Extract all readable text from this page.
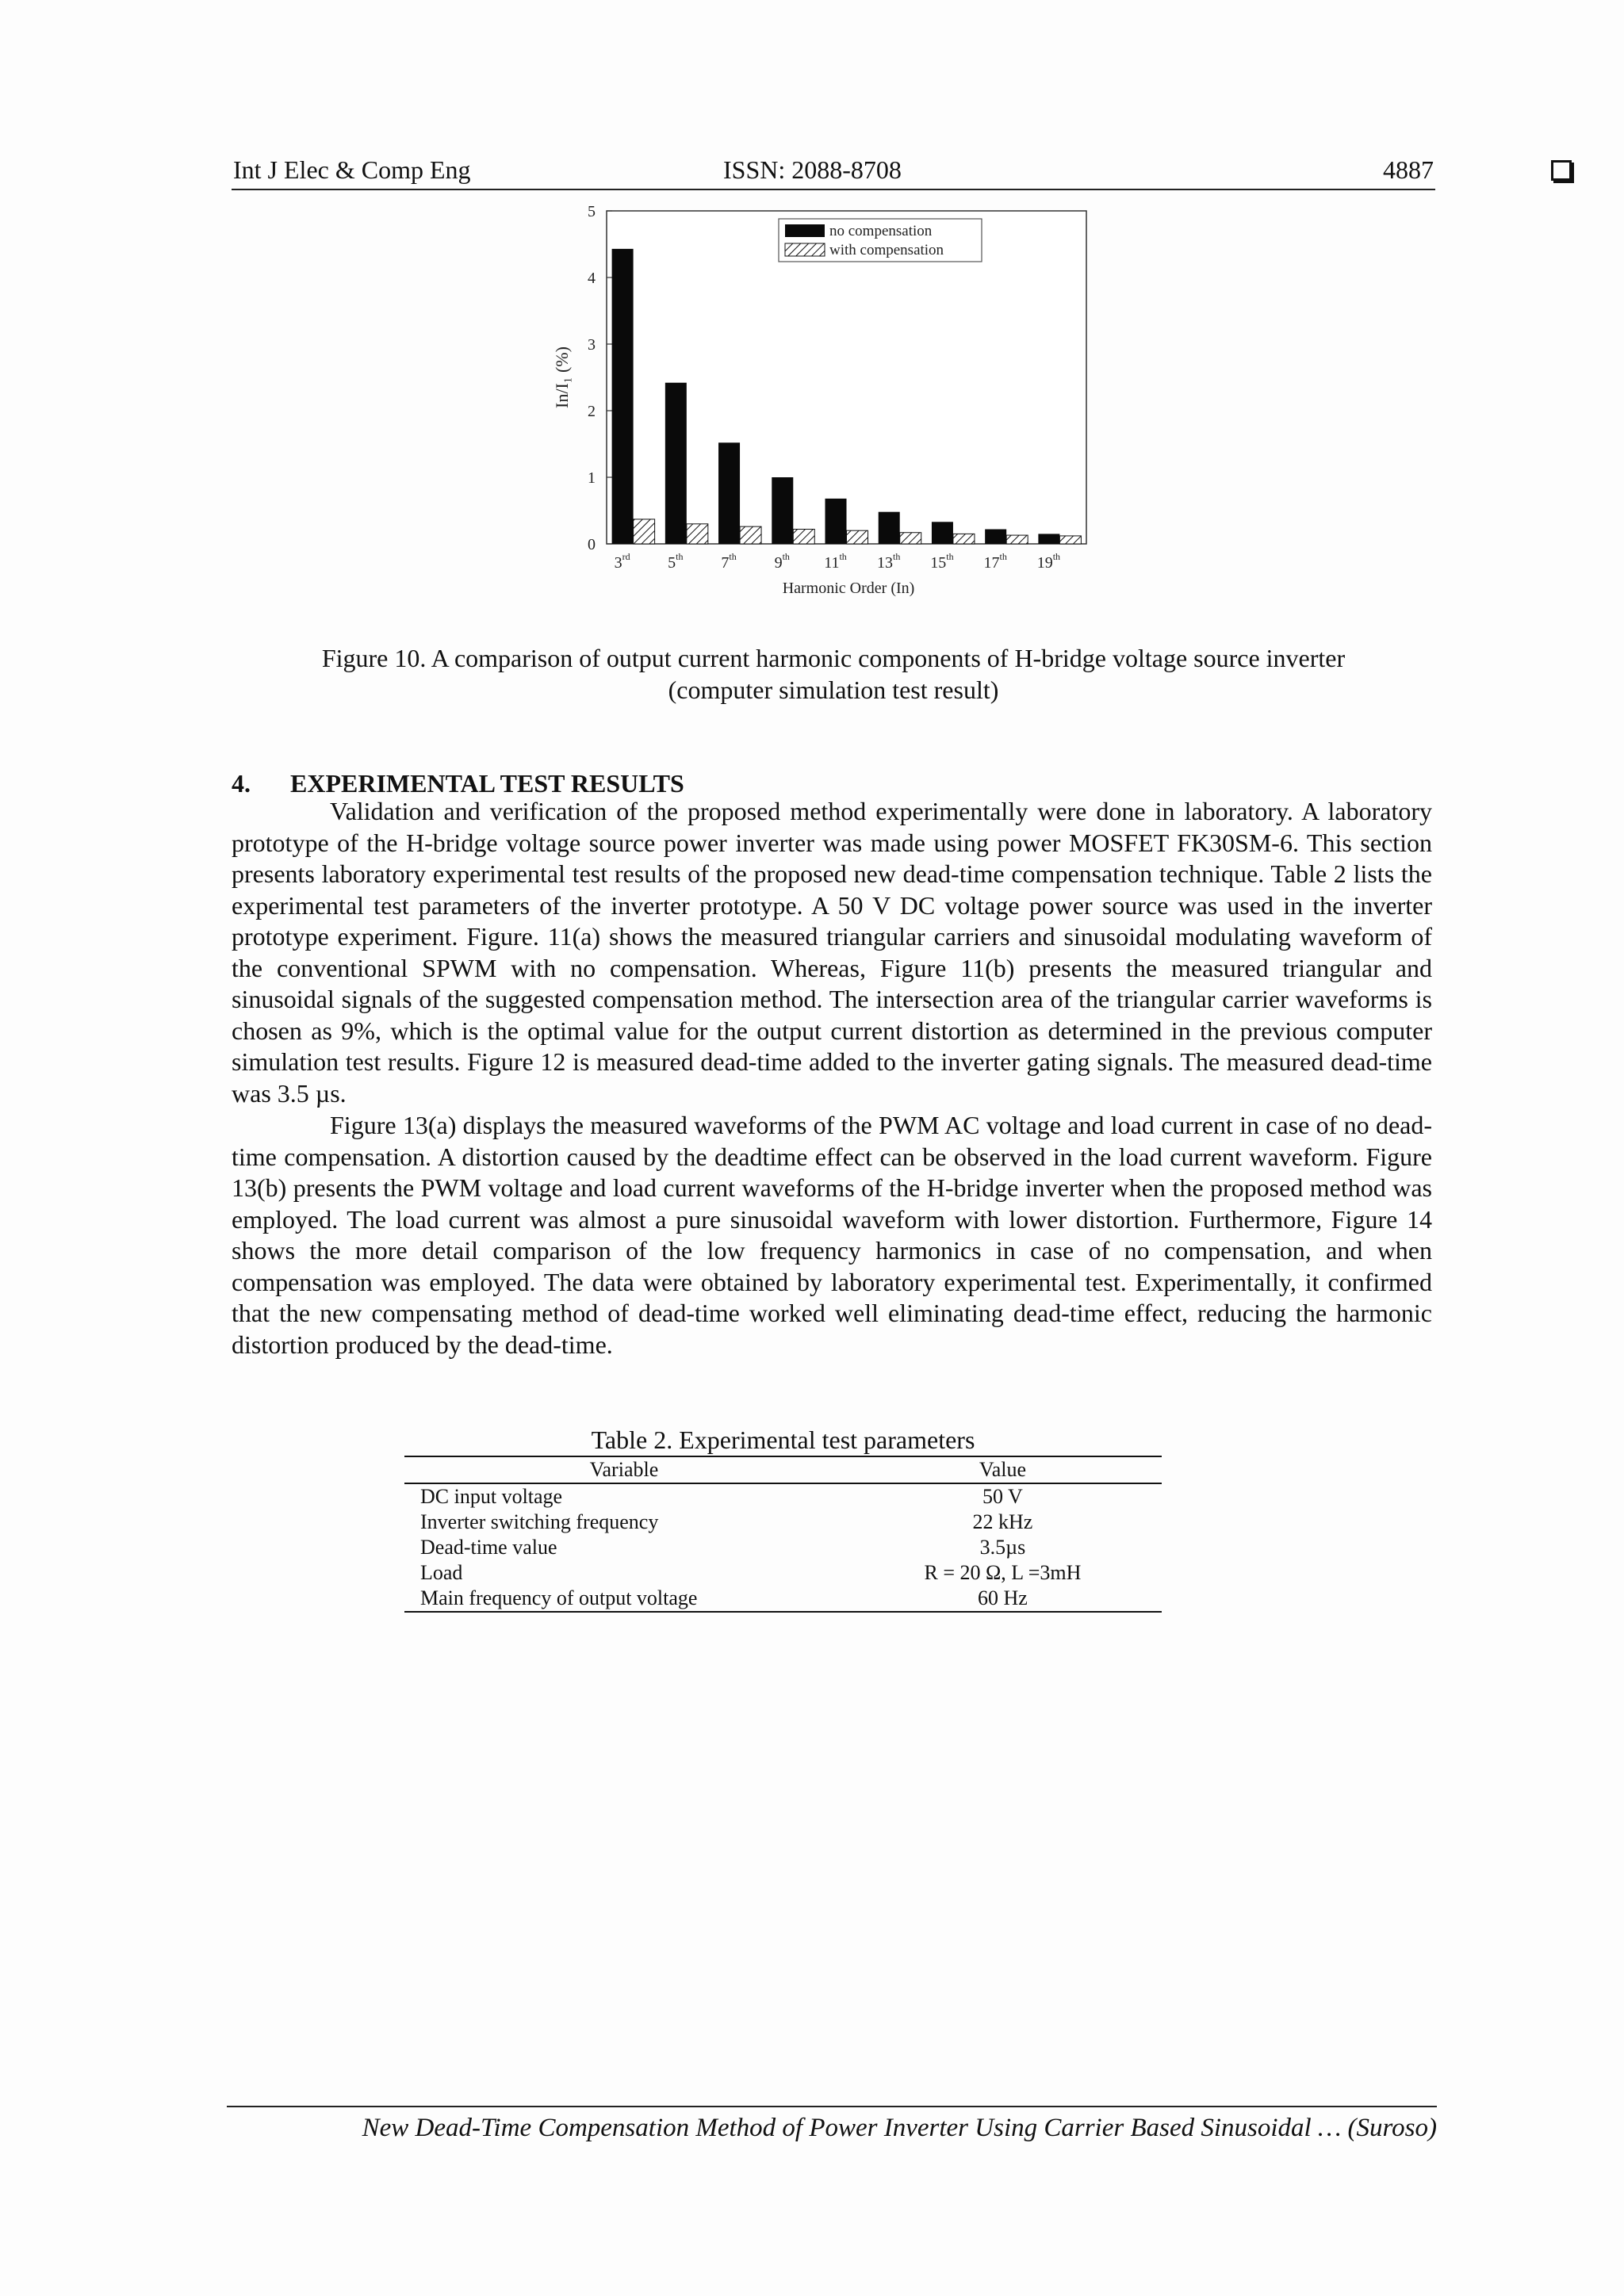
Int J Elec & Comp Eng	ISSN: 2088-8708	4887
0
1
2
3
4
5
3rd 5th 7th 9th 11th 13th 15th 17th 19th
In/I₁ (%)
Harmonic Order (In)
no compensation
with compensation
Figure 10. A comparison of output current harmonic components of H-bridge voltage source inverter
(computer simulation test result)
4. EXPERIMENTAL TEST RESULTS

Validation and verification of the proposed method experimentally were done in laboratory. A laboratory prototype of the H-bridge voltage source power inverter was made using power MOSFET FK30SM-6. This section presents laboratory experimental test results of the proposed new dead-time compensation technique. Table 2 lists the experimental test parameters of the inverter prototype. A 50 V DC voltage power source was used in the inverter prototype experiment. Figure. 11(a) shows the measured triangular carriers and sinusoidal modulating waveform of the conventional SPWM with no compensation. Whereas, Figure 11(b) presents the measured triangular and sinusoidal signals of the suggested compensation method. The intersection area of the triangular carrier waveforms is chosen as 9%, which is the optimal value for the output current distortion as determined in the previous computer simulation test results. Figure 12 is measured dead-time added to the inverter gating signals. The measured dead-time was 3.5 µs.

Figure 13(a) displays the measured waveforms of the PWM AC voltage and load current in case of no dead-time compensation. A distortion caused by the deadtime effect can be observed in the load current waveform. Figure 13(b) presents the PWM voltage and load current waveforms of the H-bridge inverter when the proposed method was employed. The load current was almost a pure sinusoidal waveform with lower distortion. Furthermore, Figure 14 shows the more detail comparison of the low frequency harmonics in case of no compensation, and when compensation was employed. The data were obtained by laboratory experimental test. Experimentally, it confirmed that the new compensating method of dead-time worked well eliminating dead-time effect, reducing the harmonic distortion produced by the dead-time.

Table 2. Experimental test parameters
Variable	Value
DC input voltage	50 V
Inverter switching frequency	22 kHz
Dead-time value	3.5µs
Load	R = 20 Ω, L =3mH
Main frequency of output voltage	60 Hz
New Dead-Time Compensation Method of Power Inverter Using Carrier Based Sinusoidal … (Suroso)
